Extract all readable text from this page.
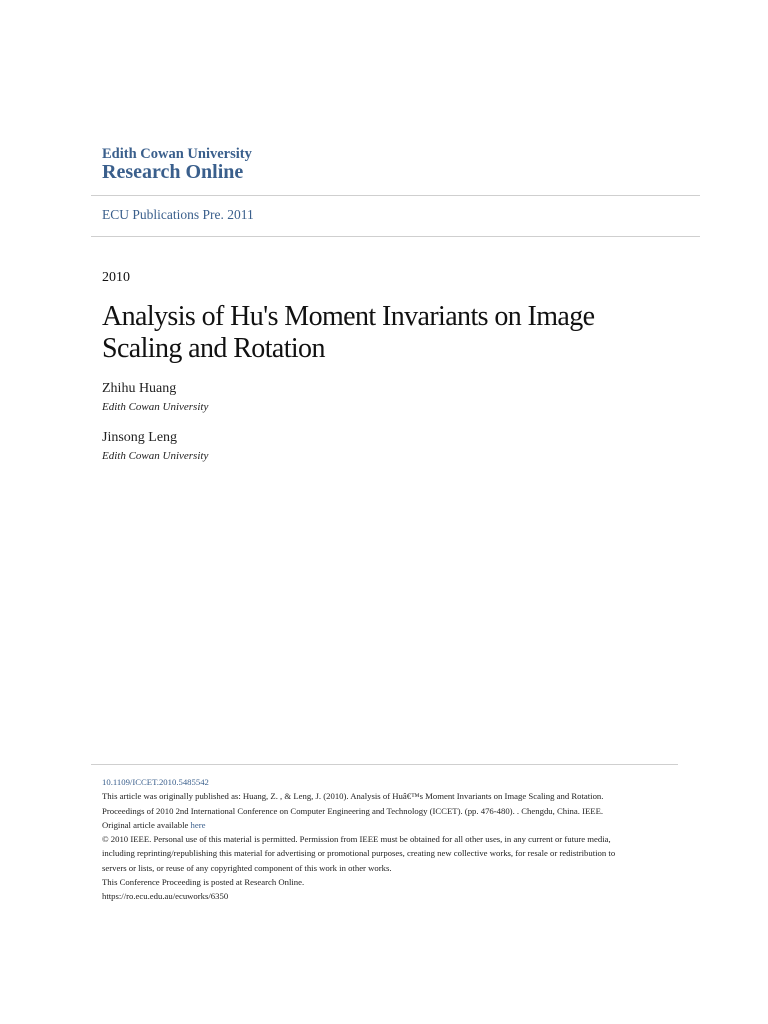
Edith Cowan University
Research Online
ECU Publications Pre. 2011
2010
Analysis of Hu's Moment Invariants on Image Scaling and Rotation
Zhihu Huang
Edith Cowan University
Jinsong Leng
Edith Cowan University
10.1109/ICCET.2010.5485542
This article was originally published as: Huang, Z. , & Leng, J. (2010). Analysis of Huâ€™s Moment Invariants on Image Scaling and Rotation.
Proceedings of 2010 2nd International Conference on Computer Engineering and Technology (ICCET). (pp. 476-480). . Chengdu, China. IEEE.
Original article available here
© 2010 IEEE. Personal use of this material is permitted. Permission from IEEE must be obtained for all other uses, in any current or future media,
including reprinting/republishing this material for advertising or promotional purposes, creating new collective works, for resale or redistribution to
servers or lists, or reuse of any copyrighted component of this work in other works.
This Conference Proceeding is posted at Research Online.
https://ro.ecu.edu.au/ecuworks/6350
